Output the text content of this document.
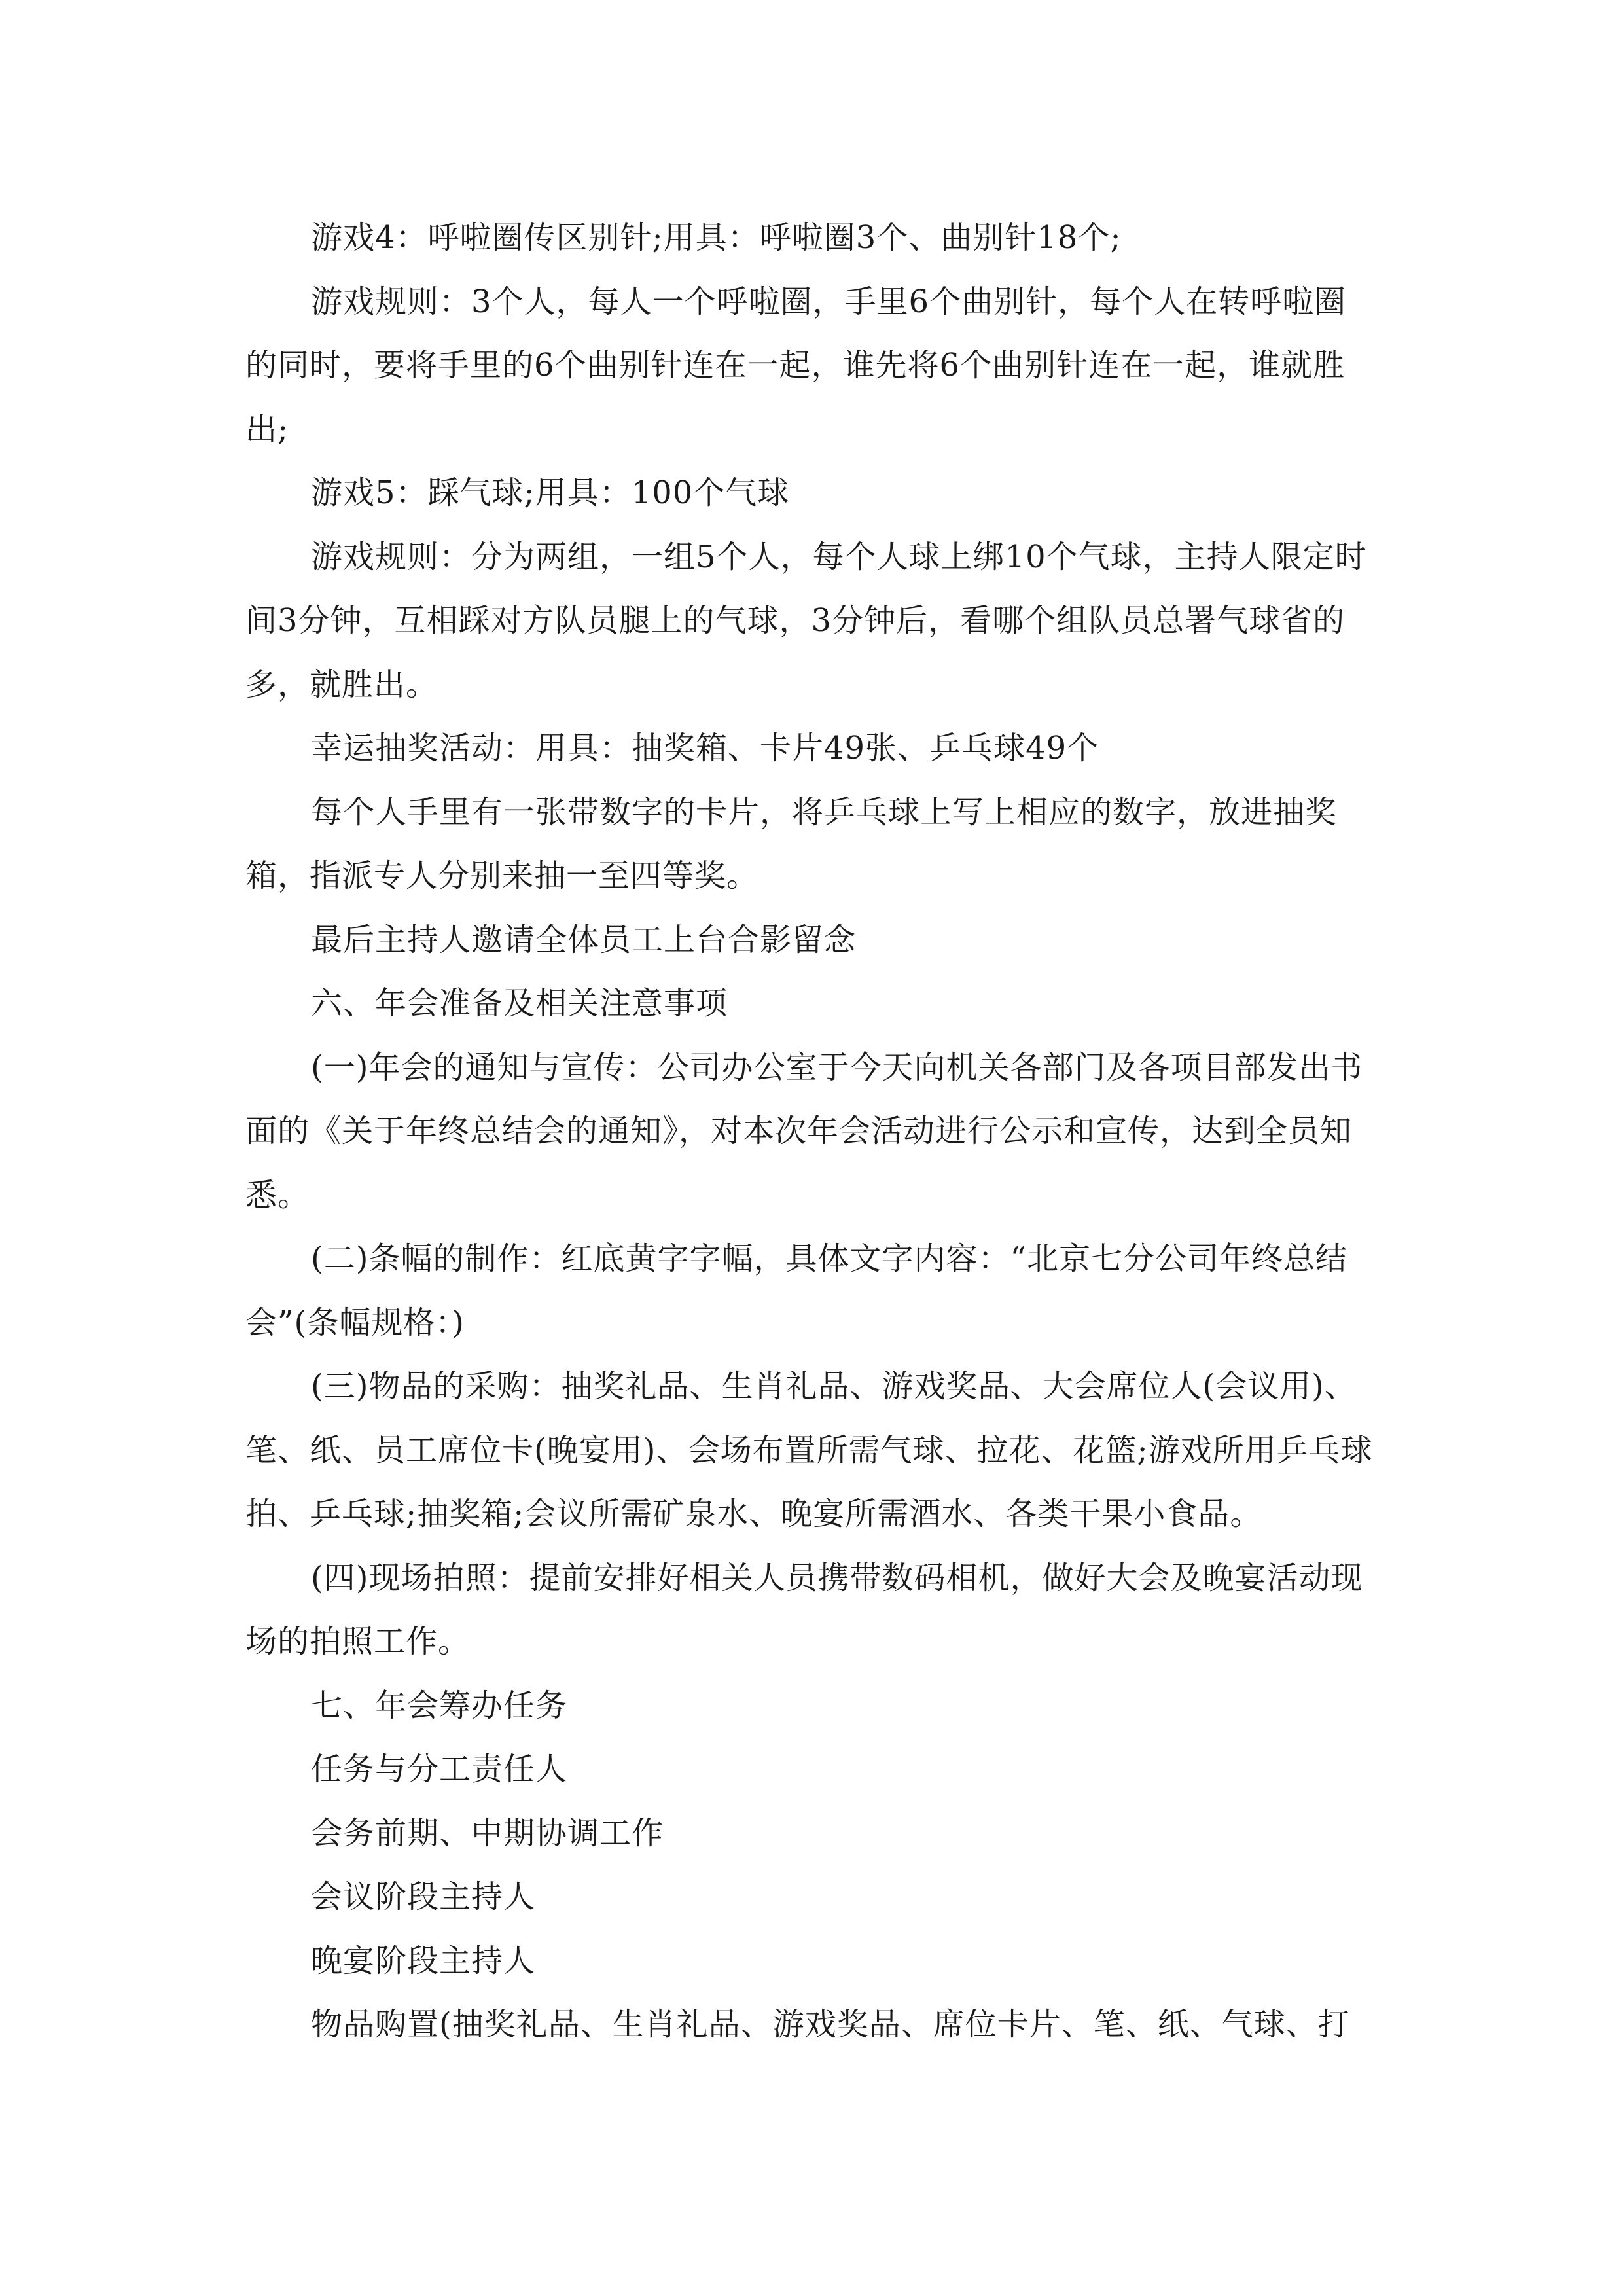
游戏4：呼啦圈传区别针;用具：呼啦圈3个、曲别针18个;

游戏规则：3个人，每人一个呼啦圈，手里6个曲别针，每个人在转呼啦圈的同时，要将手里的6个曲别针连在一起，谁先将6个曲别针连在一起，谁就胜出;

游戏5：踩气球;用具：100个气球

游戏规则：分为两组，一组5个人，每个人球上绑10个气球，主持人限定时间3分钟，互相踩对方队员腿上的气球，3分钟后，看哪个组队员总署气球省的多，就胜出。

幸运抽奖活动：用具：抽奖箱、卡片49张、乒乓球49个

每个人手里有一张带数字的卡片，将乒乓球上写上相应的数字，放进抽奖箱，指派专人分别来抽一至四等奖。

最后主持人邀请全体员工上台合影留念

六、年会准备及相关注意事项

(一)年会的通知与宣传：公司办公室于今天向机关各部门及各项目部发出书面的《关于年终总结会的通知》，对本次年会活动进行公示和宣传，达到全员知悉。

(二)条幅的制作：红底黄字字幅，具体文字内容：“北京七分公司年终总结会”(条幅规格：)

(三)物品的采购：抽奖礼品、生肖礼品、游戏奖品、大会席位人(会议用)、笔、纸、员工席位卡(晚宴用)、会场布置所需气球、拉花、花篮;游戏所用乒乓球拍、乒乓球;抽奖箱;会议所需矿泉水、晚宴所需酒水、各类干果小食品。

(四)现场拍照：提前安排好相关人员携带数码相机，做好大会及晚宴活动现场的拍照工作。

七、年会筹办任务

任务与分工责任人

会务前期、中期协调工作

会议阶段主持人

晚宴阶段主持人

物品购置(抽奖礼品、生肖礼品、游戏奖品、席位卡片、笔、纸、气球、打
